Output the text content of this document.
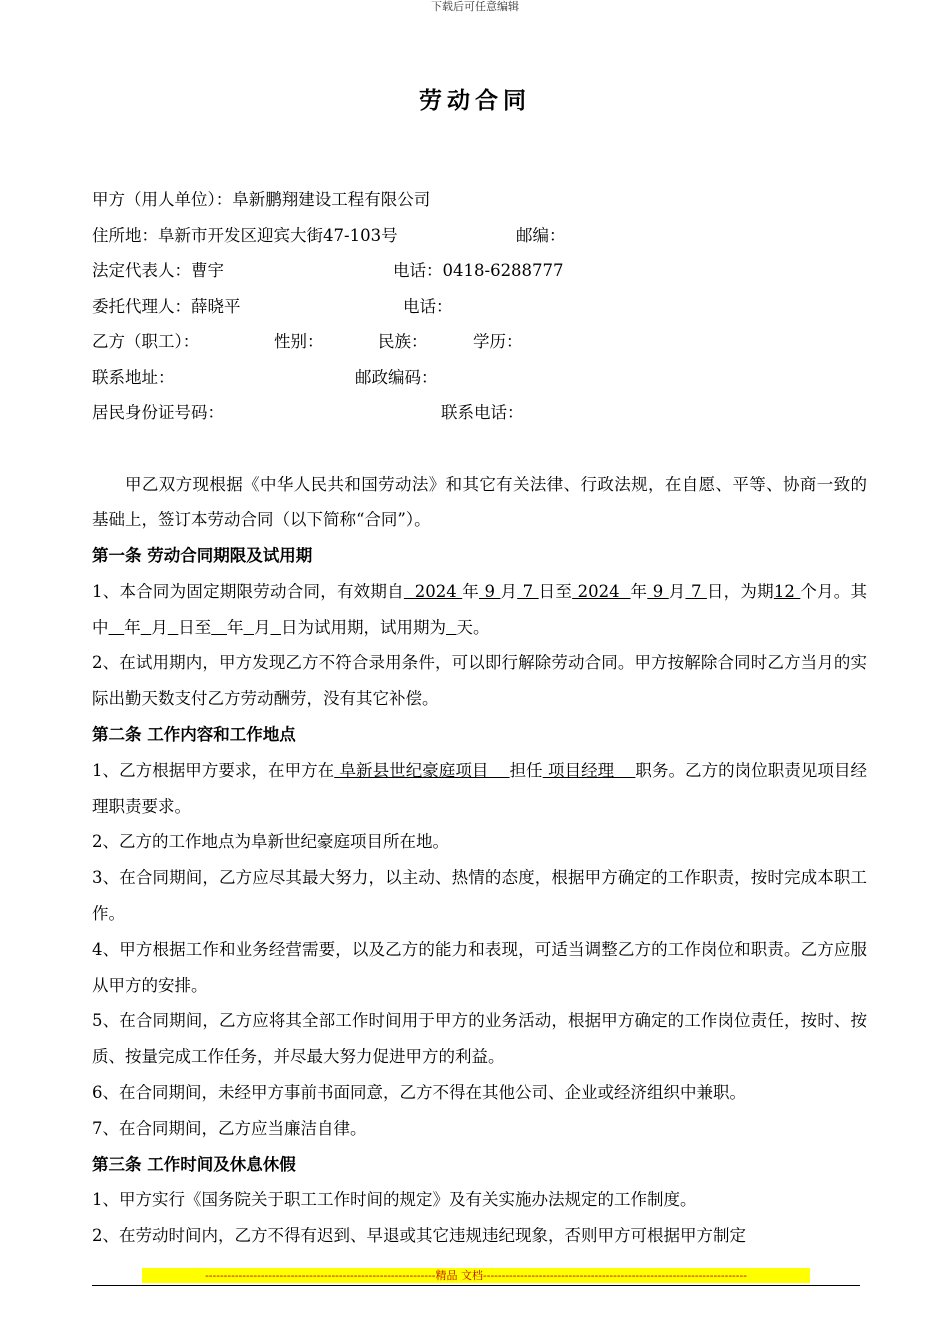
下载后可任意编辑
劳动合同
甲方（用人单位）：阜新鹏翔建设工程有限公司
住所地：阜新市开发区迎宾大街47-103号	邮编：
法定代表人：曹宇	电话：0418-6288777
委托代理人：薛晓平	电话：
乙方（职工）：	性别：	民族：	学历：
联系地址：	邮政编码：
居民身份证号码：	联系电话：
甲乙双方现根据《中华人民共和国劳动法》和其它有关法律、行政法规，在自愿、平等、协商一致的基础上，签订本劳动合同（以下简称“合同”）。
第一条 劳动合同期限及试用期
1、本合同为固定期限劳动合同，有效期自  2024 年 9 月 7 日至 2024  年 9 月 7 日，为期12 个月。其中 年 月 日至 年 月 日为试用期，试用期为 天。
2、在试用期内，甲方发现乙方不符合录用条件，可以即行解除劳动合同。甲方按解除合同时乙方当月的实际出勤天数支付乙方劳动酬劳，没有其它补偿。
第二条 工作内容和工作地点
1、乙方根据甲方要求，在甲方在 阜新县世纪豪庭项目    担任 项目经理    职务。乙方的岗位职责见项目经理职责要求。
2、乙方的工作地点为阜新世纪豪庭项目所在地。
3、在合同期间，乙方应尽其最大努力，以主动、热情的态度，根据甲方确定的工作职责，按时完成本职工作。
4、甲方根据工作和业务经营需要，以及乙方的能力和表现，可适当调整乙方的工作岗位和职责。乙方应服从甲方的安排。
5、在合同期间，乙方应将其全部工作时间用于甲方的业务活动，根据甲方确定的工作岗位责任，按时、按质、按量完成工作任务，并尽最大努力促进甲方的利益。
6、在合同期间，未经甲方事前书面同意，乙方不得在其他公司、企业或经济组织中兼职。
7、在合同期间，乙方应当廉洁自律。
第三条 工作时间及休息休假
1、甲方实行《国务院关于职工工作时间的规定》及有关实施办法规定的工作制度。
2、在劳动时间内，乙方不得有迟到、早退或其它违规违纪现象，否则甲方可根据甲方制定
--------------------------------------------------------------精品 文档-----------------------------------------------------------------------
